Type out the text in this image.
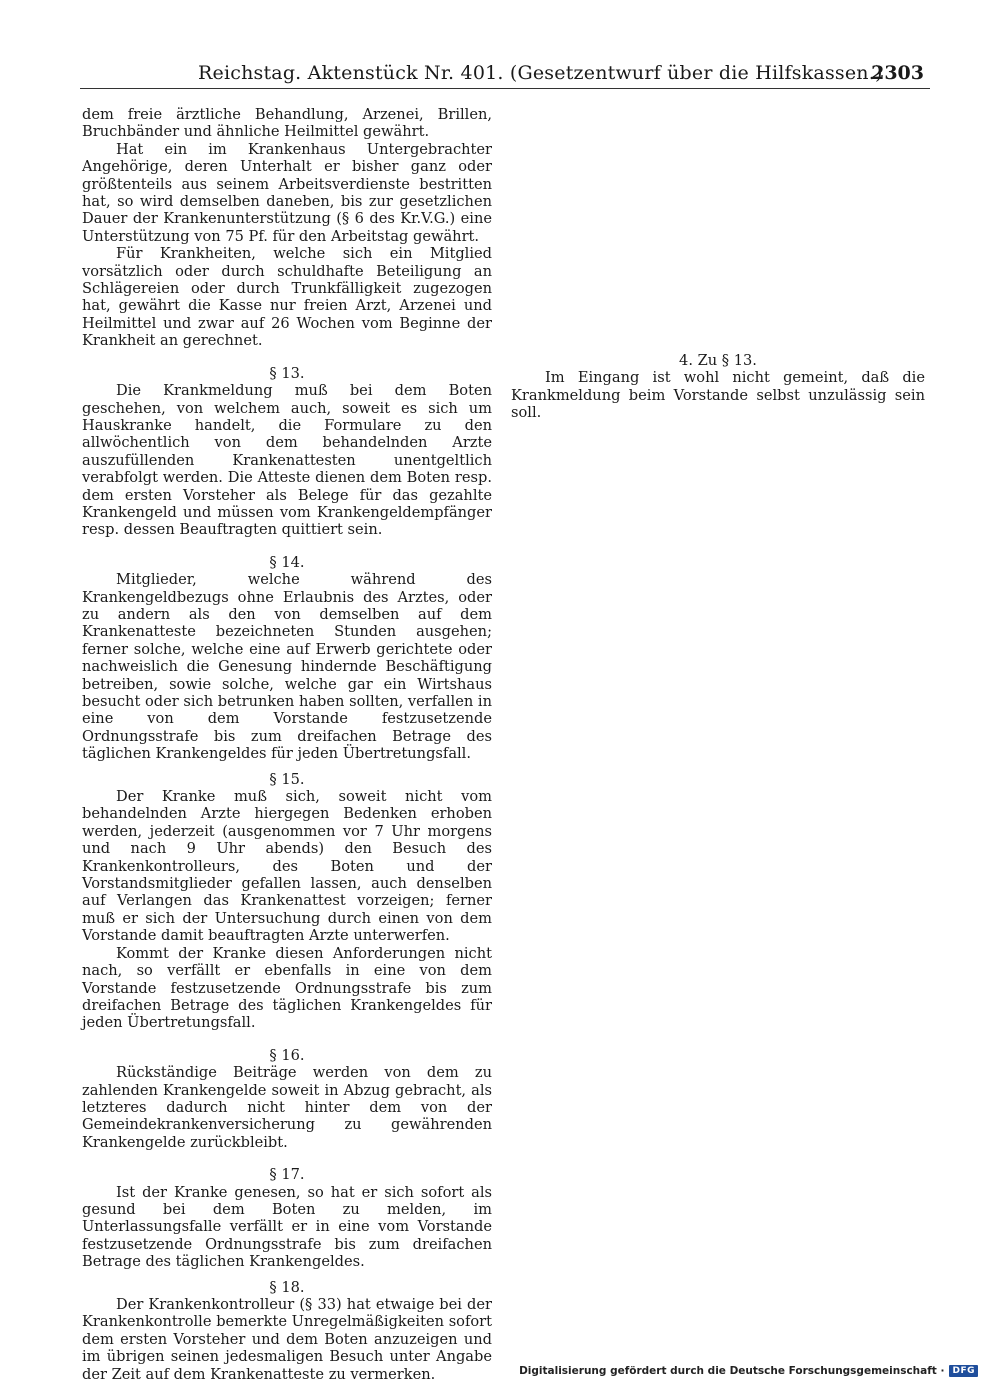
Reichstag. Aktenstück Nr. 401. (Gesetzentwurf über die Hilfskassen.)
2303

dem freie ärztliche Behandlung, Arzenei, Brillen, Bruchbänder und ähnliche Heilmittel gewährt.

Hat ein im Krankenhaus Untergebrachter Angehörige, deren Unterhalt er bisher ganz oder größtenteils aus seinem Arbeitsverdienste bestritten hat, so wird demselben daneben, bis zur gesetzlichen Dauer der Krankenunterstützung (§ 6 des Kr.V.G.) eine Unterstützung von 75 Pf. für den Arbeitstag gewährt.

Für Krankheiten, welche sich ein Mitglied vorsätzlich oder durch schuldhafte Beteiligung an Schlägereien oder durch Trunkfälligkeit zugezogen hat, gewährt die Kasse nur freien Arzt, Arzenei und Heilmittel und zwar auf 26 Wochen vom Beginne der Krankheit an gerechnet.

§ 13.

Die Krankmeldung muß bei dem Boten geschehen, von welchem auch, soweit es sich um Hauskranke handelt, die Formulare zu den allwöchentlich von dem behandelnden Arzte auszufüllenden Krankenattesten unentgeltlich verabfolgt werden. Die Atteste dienen dem Boten resp. dem ersten Vorsteher als Belege für das gezahlte Krankengeld und müssen vom Krankengeldempfänger resp. dessen Beauftragten quittiert sein.

§ 14.

Mitglieder, welche während des Krankengeldbezugs ohne Erlaubnis des Arztes, oder zu andern als den von demselben auf dem Krankenatteste bezeichneten Stunden ausgehen; ferner solche, welche eine auf Erwerb gerichtete oder nachweislich die Genesung hindernde Beschäftigung betreiben, sowie solche, welche gar ein Wirtshaus besucht oder sich betrunken haben sollten, verfallen in eine von dem Vorstande festzusetzende Ordnungsstrafe bis zum dreifachen Betrage des täglichen Krankengeldes für jeden Übertretungsfall.

§ 15.

Der Kranke muß sich, soweit nicht vom behandelnden Arzte hiergegen Bedenken erhoben werden, jederzeit (ausgenommen vor 7 Uhr morgens und nach 9 Uhr abends) den Besuch des Krankenkontrolleurs, des Boten und der Vorstandsmitglieder gefallen lassen, auch denselben auf Verlangen das Krankenattest vorzeigen; ferner muß er sich der Untersuchung durch einen von dem Vorstande damit beauftragten Arzte unterwerfen.

Kommt der Kranke diesen Anforderungen nicht nach, so verfällt er ebenfalls in eine von dem Vorstande festzusetzende Ordnungsstrafe bis zum dreifachen Betrage des täglichen Krankengeldes für jeden Übertretungsfall.

§ 16.

Rückständige Beiträge werden von dem zu zahlenden Krankengelde soweit in Abzug gebracht, als letzteres dadurch nicht hinter dem von der Gemeindekrankenversicherung zu gewährenden Krankengelde zurückbleibt.

§ 17.

Ist der Kranke genesen, so hat er sich sofort als gesund bei dem Boten zu melden, im Unterlassungsfalle verfällt er in eine vom Vorstande festzusetzende Ordnungsstrafe bis zum dreifachen Betrage des täglichen Krankengeldes.

§ 18.

Der Krankenkontrolleur (§ 33) hat etwaige bei der Krankenkontrolle bemerkte Unregelmäßigkeiten sofort dem ersten Vorsteher und dem Boten anzuzeigen und im übrigen seinen jedesmaligen Besuch unter Angabe der Zeit auf dem Krankenatteste zu vermerken.

4. Zu § 13.

Im Eingang ist wohl nicht gemeint, daß die Krankmeldung beim Vorstande selbst unzulässig sein soll.

Digitalisierung gefördert durch die Deutsche Forschungsgemeinschaft · DFG
